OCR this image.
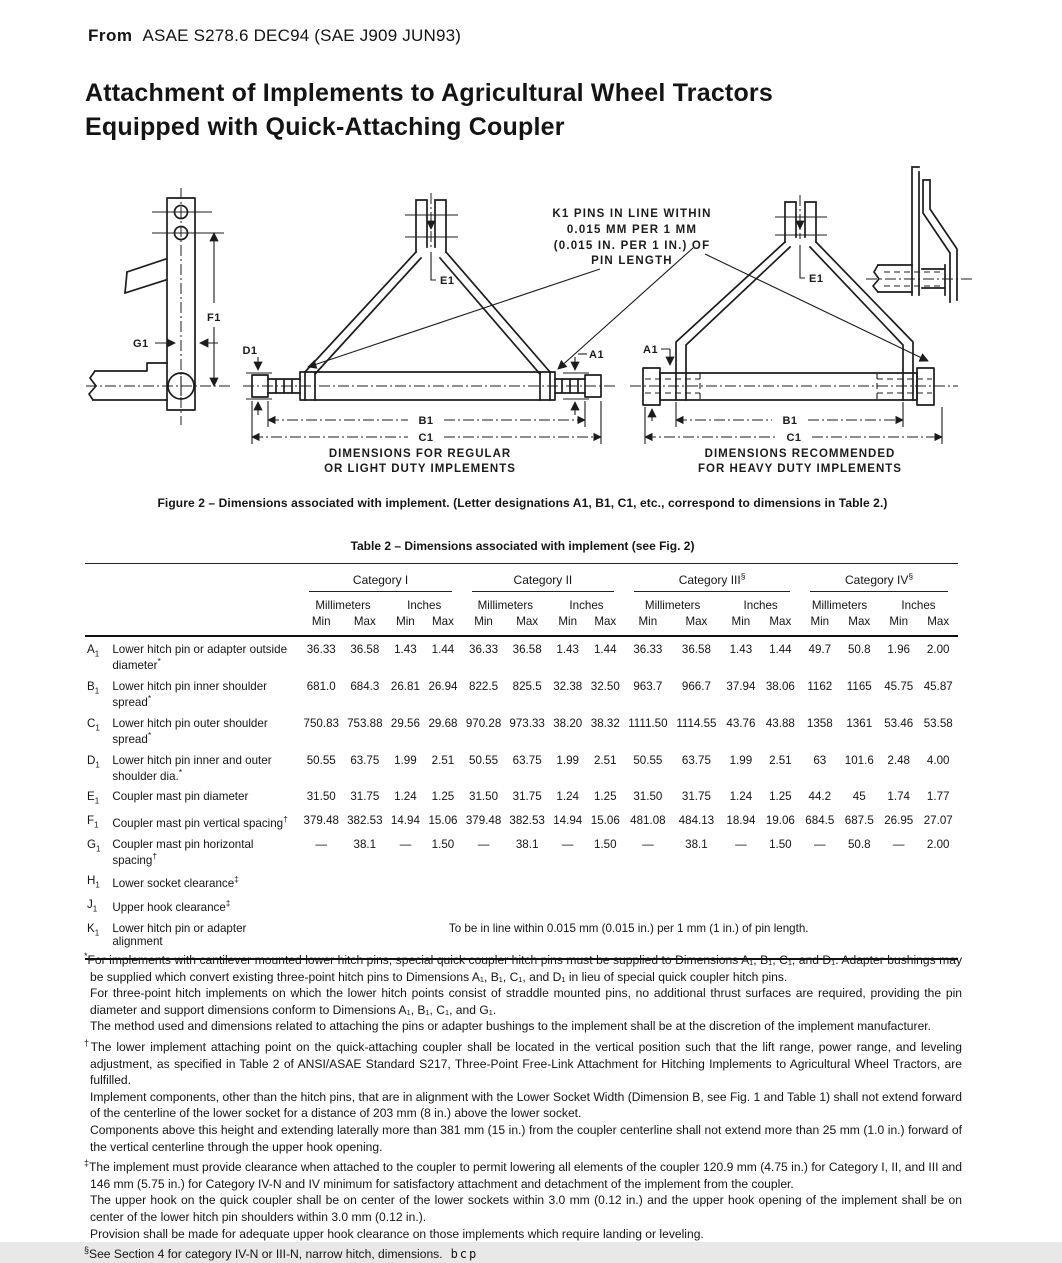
From ASAE S278.6 DEC94 (SAE J909 JUN93)
Attachment of Implements to Agricultural Wheel Tractors
Equipped with Quick-Attaching Coupler
F1
G1
K1 PINS IN LINE WITHIN
0.015 MM PER 1 MM
(0.015 IN. PER 1 IN.) OF
PIN LENGTH
E1
D1	A1
B1
C1
DIMENSIONS FOR REGULAR
OR LIGHT DUTY IMPLEMENTS
E1
A1
B1
C1
DIMENSIONS RECOMMENDED
FOR HEAVY DUTY IMPLEMENTS
Figure 2 – Dimensions associated with implement. (Letter designations A1, B1, C1, etc., correspond to dimensions in Table 2.)
Table 2 – Dimensions associated with implement (see Fig. 2)

		Category I				Category II				Category III§				Category IV§

		Millimeters		Inches		Millimeters		Inches		Millimeters		Inches		Millimeters		Inches	
		Min	Max	Min	Max	Min	Max	Min	Max	Min	Max	Min	Max	Min	Max	Min	Max
$A_1$	Lower hitch pin or adapter outside diameter*	36.33	36.58	1.43	1.44	36.33	36.58	1.43	1.44	36.33	36.58	1.43	1.44	49.7	50.8	1.96	2.00
$B_1$	Lower hitch pin inner shoulder spread*	681.0	684.3	26.81	26.94	822.5	825.5	32.38	32.50	963.7	966.7	37.94	38.06	1162	1165	45.75	45.87
$C_1$	Lower hitch pin outer shoulder spread*	750.83	753.88	29.56	29.68	970.28	973.33	38.20	38.32	1111.50	1114.55	43.76	43.88	1358	1361	53.46	53.58
$D_1$	Lower hitch pin inner and outer shoulder dia.*	50.55	63.75	1.99	2.51	50.55	63.75	1.99	2.51	50.55	63.75	1.99	2.51	63	101.6	2.48	4.00
$E_1$	Coupler mast pin diameter	31.50	31.75	1.24	1.25	31.50	31.75	1.24	1.25	31.50	31.75	1.24	1.25	44.2	45	1.74	1.77
$F_1$	Coupler mast pin vertical spacing†	379.48	382.53	14.94	15.06	379.48	382.53	14.94	15.06	481.08	484.13	18.94	19.06	684.5	687.5	26.95	27.07
$G_1$	Coupler mast pin horizontal spacing†	—	38.1	—	1.50	—	38.1	—	1.50	—	38.1	—	1.50	—	50.8	—	2.00
$H_1$	Lower socket clearance‡																
$J_1$	Upper hook clearance‡																
$K_1$	Lower hitch pin or adapter alignment	To be in line within 0.015 mm (0.015 in.) per 1 mm (1 in.) of pin length.															

*For implements with cantilever mounted lower hitch pins, special quick coupler hitch pins must be supplied to Dimensions A₁, B₁, C₁, and D₁. Adapter bushings may be supplied which convert existing three-point hitch pins to Dimensions A₁, B₁, C₁, and D₁ in lieu of special quick coupler hitch pins.

For three-point hitch implements on which the lower hitch points consist of straddle mounted pins, no additional thrust surfaces are required, providing the pin diameter and support dimensions conform to Dimensions A₁, B₁, C₁, and G₁.

The method used and dimensions related to attaching the pins or adapter bushings to the implement shall be at the discretion of the implement manufacturer.

†The lower implement attaching point on the quick-attaching coupler shall be located in the vertical position such that the lift range, power range, and leveling adjustment, as specified in Table 2 of ANSI/ASAE Standard S217, Three-Point Free-Link Attachment for Hitching Implements to Agricultural Wheel Tractors, are fulfilled.

Implement components, other than the hitch pins, that are in alignment with the Lower Socket Width (Dimension B, see Fig. 1 and Table 1) shall not extend forward of the centerline of the lower socket for a distance of 203 mm (8 in.) above the lower socket.

Components above this height and extending laterally more than 381 mm (15 in.) from the coupler centerline shall not extend more than 25 mm (1.0 in.) forward of the vertical centerline through the upper hook opening.

‡The implement must provide clearance when attached to the coupler to permit lowering all elements of the coupler 120.9 mm (4.75 in.) for Category I, II, and III and 146 mm (5.75 in.) for Category IV-N and IV minimum for satisfactory attachment and detachment of the implement from the coupler.

The upper hook on the quick coupler shall be on center of the lower sockets within 3.0 mm (0.12 in.) and the upper hook opening of the implement shall be on center of the lower hitch pin shoulders within 3.0 mm (0.12 in.).

Provision shall be made for adequate upper hook clearance on those implements which require landing or leveling.

§See Section 4 for category IV-N or III-N, narrow hitch, dimensions. bcp
